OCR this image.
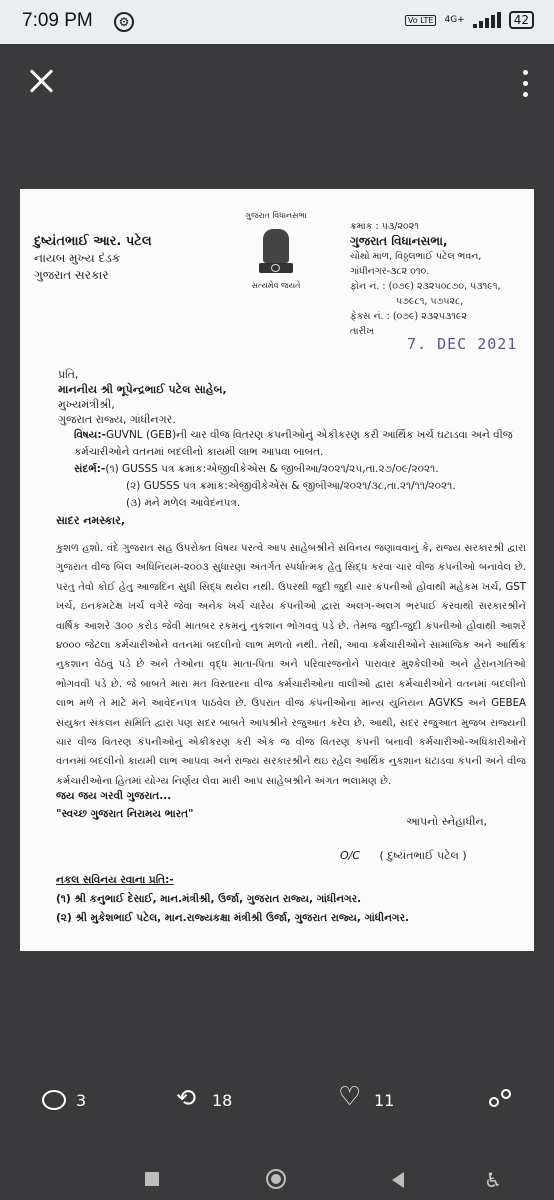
7:09 PM	⚙	Vo LTE	4G+	42
દુષ્યંતભાઈ આર. પટેલ
નાયબ મુખ્ય દંડક
ગુજરાત સરકાર
ગુજરાત વિધાનસભા
સત્યમેવ જયતે
ક્રમાંક : ૫૩/૨૦૨૧
ગુજરાત વિધાનસભા,
ચોથો માળ, વિઠ્ઠલભાઈ પટેલ ભવન,
ગાંધીનગર-૩૮૨ ૦૧૦.
ફોન નં. : (૦૭૯) ૨૩૨૫૦૮૭૦, ૫૩૧૯૧,
૫૭૯૮૧, ૫૭૫૨૮,
ફેક્સ નં. : (૦૭૯) ૨૩૨૫૩૧૯૨
તારીખ
7. DEC 2021
પ્રતિ,
માનનીય શ્રી ભૂપેન્દ્રભાઈ પટેલ સાહેબ,
મુખ્યમંત્રીશ્રી,
ગુજરાત રાજ્ય, ગાંધીનગર.
વિષય:-GUVNL (GEB)ની ચાર વીજ વિતરણ કંપનીઓનું એકીકરણ કરી આર્થિક ખર્ચ ઘટાડવા અને વીજ કર્મચારીઓને વતનમાં બદલીનો કાયમી લાભ આપવા બાબત.
સંદર્ભ:-(૧) GUSSS પત્ર ક્રમાંક:એજીવીકેએસ & જીબીઆ/૨૦૨૧/૨૫,તા.૨૭/૦૯/૨૦૨૧.
(૨) GUSSS પત્ર ક્રમાંક:એજીવીકેએસ & જીબીઆ/૨૦૨૧/૩૮,તા.૨૧/૧૧/૨૦૨૧.
(૩) મને મળેલ આવેદનપત્ર.
સાદર નમસ્કાર,
કુશળ હશો. વંદે ગુજરાત સહ ઉપરોક્ત વિષય પરત્વે આપ સાહેબશ્રીને સવિનય જણાવવાનું કે, રાજ્ય સરકારશ્રી દ્વારા ગુજરાત વીજ બિલ અધિનિયમ-૨૦૦૩ સુધારણા અંતર્ગત સ્પર્ધાત્મક હેતુ સિદ્ધ કરવા ચાર વીજ કંપનીઓ બનાવેલ છે. પરંતુ તેવો કોઈ હેતુ આજદિન સુધી સિદ્ધ થયેલ નથી. ઉપરથી જુદી જુદી ચાર કંપનીઓ હોવાથી મહેકમ ખર્ચ, GST ખર્ચ, ઇનકમટેક્ષ ખર્ચ વગેરે જેવા અનેક ખર્ચ ચારેય કંપનીઓ દ્વારા અલગ-અલગ ભરપાઈ કરવાથી સરકારશ્રીને વાર્ષિક આશરે ૩૦૦ કરોડ જેવી માતબર રકમનું નુકશાન ભોગવવું પડે છે. તેમજ જુદી-જુદી કંપનીઓ હોવાથી આશરે ૪૦૦૦ જેટલા કર્મચારીઓને વતનમાં બદલીનો લાભ મળતો નથી. તેથી, આવા કર્મચારીઓને સામાજિક અને આર્થિક નુકશાન વેઠવું પડે છે અને તેઓના વૃદ્ધ માતા-પિતા અને પરિવારજનોને પારાવાર મુશ્કેલીઓ અને હેરાનગતિઓ ભોગવવી પડે છે. જે બાબતે મારા મત વિસ્તારના વીજ કર્મચારીઓના વાલીઓ દ્વારા કર્મચારીઓને વતનમાં બદલીનો લાભ મળે તે માટે મને આવેદનપત્ર પાઠવેલ છે. ઉપરાંત વીજ કંપનીઓના માન્ય યુનિયન AGVKS અને GEBEA સંયુક્ત સંકલન સમિતિ દ્વારા પણ સદર બાબતે આપશ્રીને રજુઆત કરેલ છે. આથી, સદર રજુઆત મુજબ રાજ્યની ચાર વીજ વિતરણ કંપનીઓનું એકીકરણ કરી એક જ વીજ વિતરણ કંપની બનાવી કર્મચારીઓ-અધિકારીઓને વતનમાં બદલીનો કાયમી લાભ આપવા અને રાજ્ય સરકારશ્રીને થઇ રહેલ આર્થિક નુકશાન ઘટાડવા કંપની અને વીજ કર્મચારીઓના હિતમાં યોગ્ય નિર્ણય લેવા મારી આપ સાહેબશ્રીને અંગત ભલામણ છે.
જય જય ગરવી ગુજરાત...
"સ્વચ્છ ગુજરાત નિરામય ભારત"
આપનો સ્નેહાધીન,
O/C ( દુષ્યંતભાઈ પટેલ )
નકલ સવિનય રવાના પ્રતિ:-
(૧) શ્રી કનુભાઈ દેસાઈ, માન.મંત્રીશ્રી, ઉર્જા, ગુજરાત રાજ્ય, ગાંધીનગર.
(૨) શ્રી મુકેશભાઈ પટેલ, માન.રાજ્યકક્ષા મંત્રીશ્રી ઉર્જા, ગુજરાત રાજ્ય, ગાંધીનગર.
3 ⟲	18 ♡	11
♿
